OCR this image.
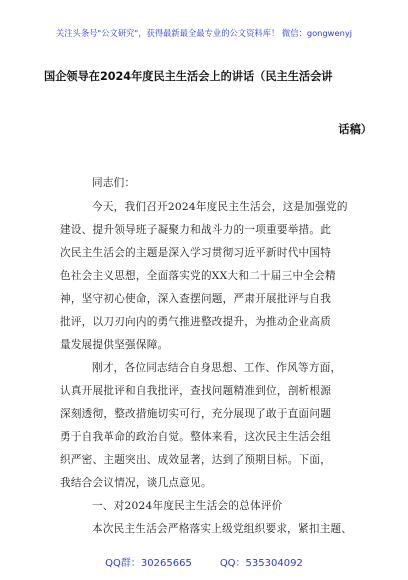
关注头条号"公文研究"，获得最新最全最专业的公文资料库！ 微信：gongwenyj
国企领导在2024年度民主生活会上的讲话（民主生活会讲
话稿）
同志们：
今天，我们召开2024年度民主生活会，这是加强党的
建设、提升领导班子凝聚力和战斗力的一项重要举措。此
次民主生活会的主题是深入学习贯彻习近平新时代中国特
色社会主义思想，全面落实党的XX大和二十届三中全会精
神，坚守初心使命，深入查摆问题，严肃开展批评与自我
批评，以刀刃向内的勇气推进整改提升，为推动企业高质
量发展提供坚强保障。
刚才，各位同志结合自身思想、工作、作风等方面，
认真开展批评和自我批评，查找问题精准到位，剖析根源
深刻透彻，整改措施切实可行，充分展现了敢于直面问题
勇于自我革命的政治自觉。整体来看，这次民主生活会组
织严密、主题突出、成效显著，达到了预期目标。下面，
我结合会议情况，谈几点意见。
一、对2024年度民主生活会的总体评价
本次民主生活会严格落实上级党组织要求，紧扣主题、
QQ群：30265665	QQ：535304092
